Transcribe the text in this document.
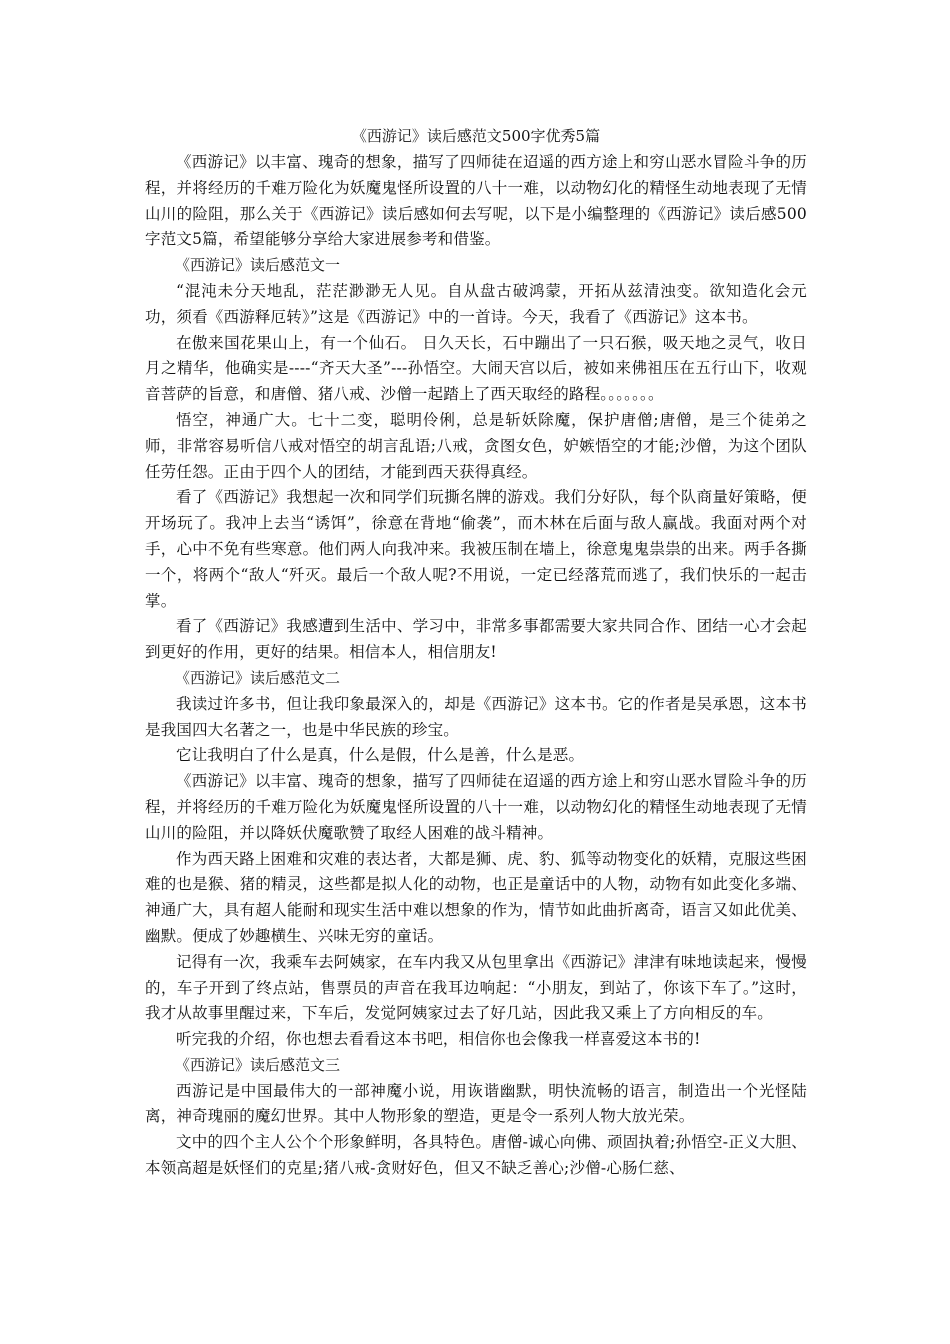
《西游记》读后感范文500字优秀5篇

《西游记》以丰富、瑰奇的想象，描写了四师徒在迢遥的西方途上和穷山恶水冒险斗争的历程，并将经历的千难万险化为妖魔鬼怪所设置的八十一难，以动物幻化的精怪生动地表现了无情山川的险阻，那么关于《西游记》读后感如何去写呢，以下是小编整理的《西游记》读后感500字范文5篇，希望能够分享给大家进展参考和借鉴。

《西游记》读后感范文一

“混沌未分天地乱，茫茫渺渺无人见。自从盘古破鸿蒙，开拓从兹清浊变。欲知造化会元功，须看《西游释厄转》”这是《西游记》中的一首诗。今天，我看了《西游记》这本书。

在傲来国花果山上，有一个仙石。 日久天长，石中蹦出了一只石猴，吸天地之灵气，收日月之精华，他确实是----“齐天大圣”---孙悟空。大闹天宫以后，被如来佛祖压在五行山下，收观音菩萨的旨意，和唐僧、猪八戒、沙僧一起踏上了西天取经的路程。。。。。。。

悟空，神通广大。七十二变，聪明伶俐，总是斩妖除魔，保护唐僧;唐僧，是三个徒弟之师，非常容易听信八戒对悟空的胡言乱语;八戒，贪图女色，妒嫉悟空的才能;沙僧，为这个团队任劳任怨。正由于四个人的团结，才能到西天获得真经。

看了《西游记》我想起一次和同学们玩撕名牌的游戏。我们分好队，每个队商量好策略，便开场玩了。我冲上去当“诱饵”，徐意在背地“偷袭”，而木林在后面与敌人赢战。我面对两个对手，心中不免有些寒意。他们两人向我冲来。我被压制在墙上，徐意鬼鬼祟祟的出来。两手各撕一个，将两个“敌人“歼灭。最后一个敌人呢?不用说，一定已经落荒而逃了，我们快乐的一起击掌。

看了《西游记》我感遭到生活中、学习中，非常多事都需要大家共同合作、团结一心才会起到更好的作用，更好的结果。相信本人，相信朋友!

《西游记》读后感范文二

我读过许多书，但让我印象最深入的，却是《西游记》这本书。它的作者是吴承恩，这本书是我国四大名著之一，也是中华民族的珍宝。

它让我明白了什么是真，什么是假，什么是善，什么是恶。

《西游记》以丰富、瑰奇的想象，描写了四师徒在迢遥的西方途上和穷山恶水冒险斗争的历程，并将经历的千难万险化为妖魔鬼怪所设置的八十一难，以动物幻化的精怪生动地表现了无情山川的险阻，并以降妖伏魔歌赞了取经人困难的战斗精神。

作为西天路上困难和灾难的表达者，大都是狮、虎、豹、狐等动物变化的妖精，克服这些困难的也是猴、猪的精灵，这些都是拟人化的动物，也正是童话中的人物，动物有如此变化多端、神通广大，具有超人能耐和现实生活中难以想象的作为，情节如此曲折离奇，语言又如此优美、幽默。便成了妙趣横生、兴味无穷的童话。

记得有一次，我乘车去阿姨家，在车内我又从包里拿出《西游记》津津有味地读起来，慢慢的，车子开到了终点站，售票员的声音在我耳边响起：“小朋友，到站了，你该下车了。”这时，我才从故事里醒过来，下车后，发觉阿姨家过去了好几站，因此我又乘上了方向相反的车。

听完我的介绍，你也想去看看这本书吧，相信你也会像我一样喜爱这本书的!

《西游记》读后感范文三

西游记是中国最伟大的一部神魔小说，用诙谐幽默，明快流畅的语言，制造出一个光怪陆离，神奇瑰丽的魔幻世界。其中人物形象的塑造，更是令一系列人物大放光荣。

文中的四个主人公个个形象鲜明，各具特色。唐僧-诚心向佛、顽固执着;孙悟空-正义大胆、本领高超是妖怪们的克星;猪八戒-贪财好色，但又不缺乏善心;沙僧-心肠仁慈、
